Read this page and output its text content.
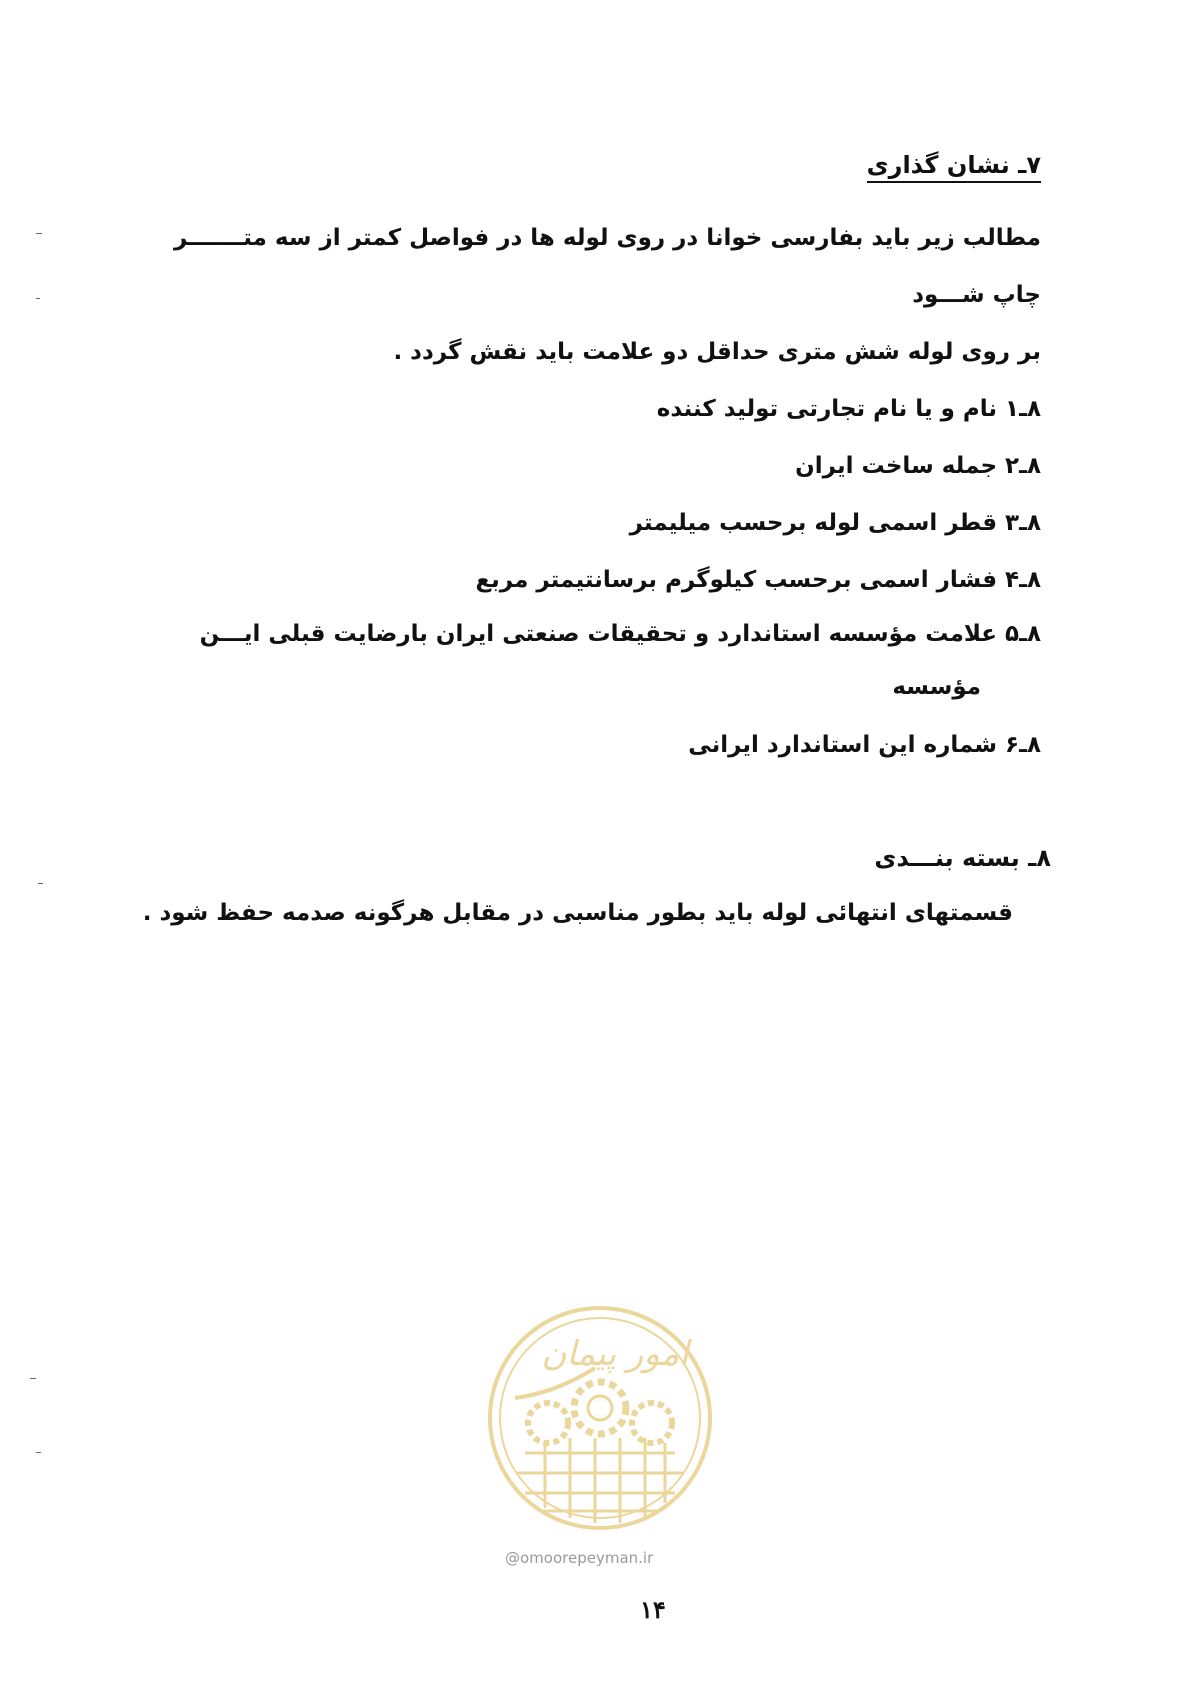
۷ـ نشان گذاری
مطالب زیر باید بفارسی خوانا در روی لوله ها در فواصل کمتر از سه متـــــــر
چاپ شـــود
بر روی لوله شش متری حداقل دو علامت باید نقش گردد .
۸ـ۱ نام و یا نام تجارتی تولید کننده
۸ـ۲ جمله ساخت ایران
۸ـ۳ قطر اسمی لوله برحسب میلیمتر
۸ـ۴ فشار اسمی برحسب کیلوگرم برسانتیمتر مربع
۸ـ۵ علامت مؤسسه استاندارد و تحقیقات صنعتی ایران بارضایت قبلی ایـــن
مؤسسه
۸ـ۶ شماره این استاندارد ایرانی
۸ـ بسته بنـــدی
قسمتهای انتهائی لوله باید بطور مناسبی در مقابل هرگونه صدمه حفظ شود .
امور پیمان
@omoorepeyman.ir
۱۴
